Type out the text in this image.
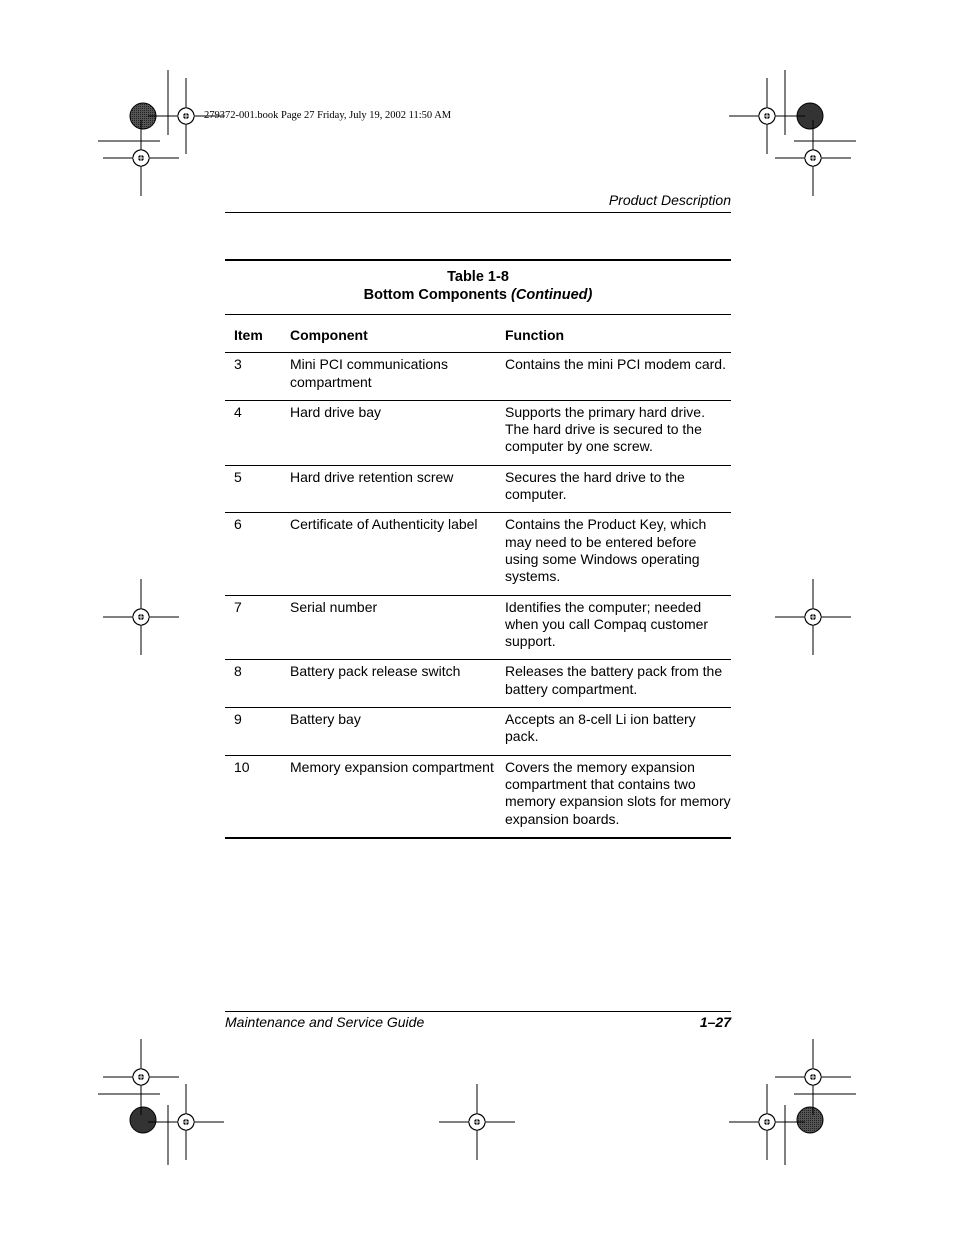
279372-001.book Page 27 Friday, July 19, 2002 11:50 AM
Product Description
Table 1-8
Bottom Components (Continued)
Item	Component	Function
3	Mini PCI communications compartment	Contains the mini PCI modem card.
4	Hard drive bay	Supports the primary hard drive. The hard drive is secured to the computer by one screw.
5	Hard drive retention screw	Secures the hard drive to the computer.
6	Certificate of Authenticity label	Contains the Product Key, which may need to be entered before using some Windows operating systems.
7	Serial number	Identifies the computer; needed when you call Compaq customer support.
8	Battery pack release switch	Releases the battery pack from the battery compartment.
9	Battery bay	Accepts an 8-cell Li ion battery pack.
10	Memory expansion compartment	Covers the memory expansion compartment that contains two memory expansion slots for memory expansion boards.
Maintenance and Service Guide	1–27
